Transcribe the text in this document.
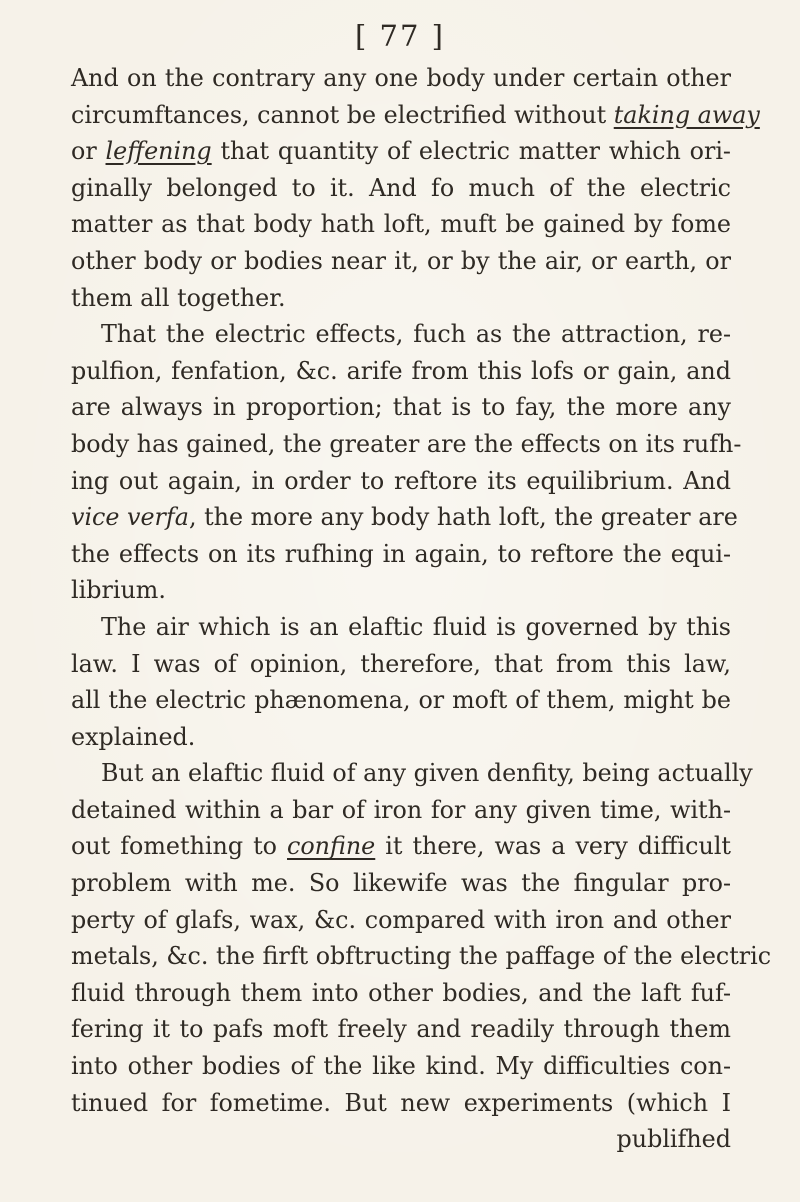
[ 77 ]
And on the contrary any one body under certain other
circumftances, cannot be electrified without taking away
or leffening that quantity of electric matter which ori-
ginally belonged to it. And fo much of the electric
matter as that body hath loft, muft be gained by fome
other body or bodies near it, or by the air, or earth, or
them all together.
That the electric effects, fuch as the attraction, re-
pulfion, fenfation, &c. arife from this lofs or gain, and
are always in proportion; that is to fay, the more any
body has gained, the greater are the effects on its rufh-
ing out again, in order to reftore its equilibrium. And
vice verfa, the more any body hath loft, the greater are
the effects on its rufhing in again, to reftore the equi-
librium.
The air which is an elaftic fluid is governed by this
law. I was of opinion, therefore, that from this law,
all the electric phænomena, or moft of them, might be
explained.
But an elaftic fluid of any given denfity, being actually
detained within a bar of iron for any given time, with-
out fomething to confine it there, was a very difficult
problem with me. So likewife was the fingular pro-
perty of glafs, wax, &c. compared with iron and other
metals, &c. the firft obftructing the paffage of the electric
fluid through them into other bodies, and the laft fuf-
fering it to pafs moft freely and readily through them
into other bodies of the like kind. My difficulties con-
tinued for fometime. But new experiments (which I
publifhed
